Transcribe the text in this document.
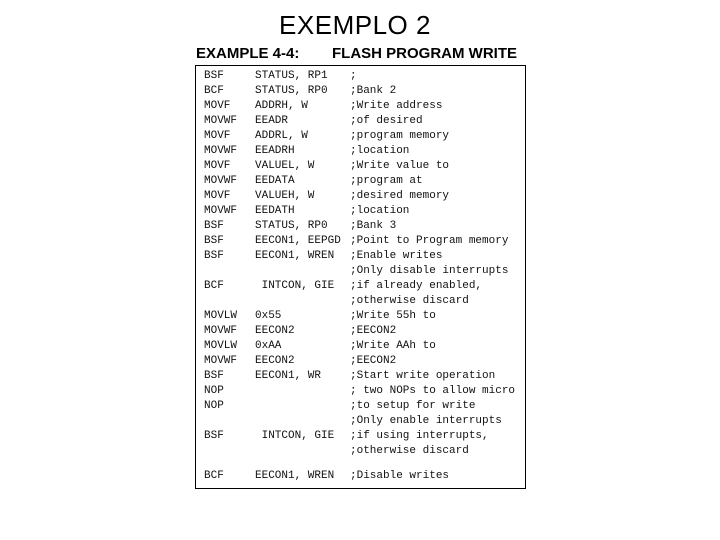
EXEMPLO 2
EXAMPLE 4-4: FLASH PROGRAM WRITE
BSF	STATUS, RP1 ;
BCF	STATUS, RP0 ;Bank 2
MOVF ADDRH, W	;Write address
MOVWF EEADR	;of desired
MOVF ADDRL, W	;program memory
MOVWF EEADRH	;location
MOVF VALUEL, W	;Write value to
MOVWF EEDATA	;program at
MOVF VALUEH, W	;desired memory
MOVWF EEDATH	;location
BSF	STATUS, RP0 ;Bank 3
BSF	EECON1, EEPGD ;Point to Program memory
BSF	EECON1, WREN ;Enable writes
;Only disable interrupts
BCF	INTCON, GIE ;if already enabled,
;otherwise discard
MOVLW 0x55	;Write 55h to
MOVWF EECON2	;EECON2
MOVLW 0xAA	;Write AAh to
MOVWF EECON2	;EECON2
BSF	EECON1, WR	;Start write operation
NOP	; two NOPs to allow micro
NOP	;to setup for write
;Only enable interrupts
BSF	INTCON, GIE ;if using interrupts,
;otherwise discard
BCF	EECON1, WREN ;Disable writes
